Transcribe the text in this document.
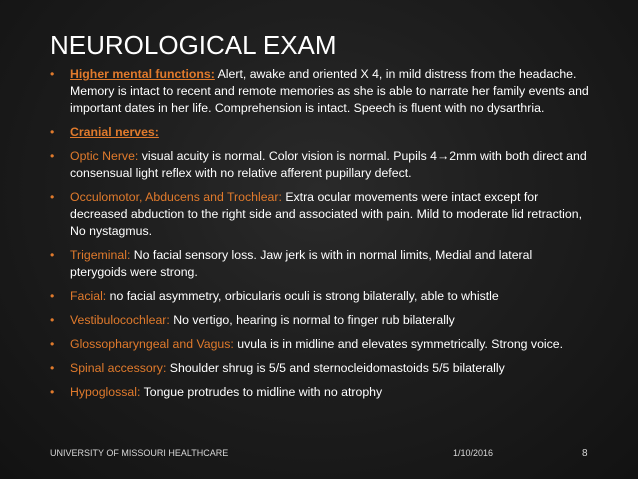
NEUROLOGICAL EXAM
• Higher mental functions: Alert, awake and oriented X 4, in mild distress from the headache. Memory is intact to recent and remote memories as she is able to narrate her family events and important dates in her life. Comprehension is intact. Speech is fluent with no dysarthria.
• Cranial nerves:
• Optic Nerve: visual acuity is normal. Color vision is normal. Pupils 4→2mm with both direct and consensual light reflex with no relative afferent pupillary defect.
• Occulomotor, Abducens and Trochlear: Extra ocular movements were intact except for decreased abduction to the right side and associated with pain. Mild to moderate lid retraction, No nystagmus.
• Trigeminal: No facial sensory loss. Jaw jerk is with in normal limits, Medial and lateral pterygoids were strong.
• Facial: no facial asymmetry, orbicularis oculi is strong bilaterally, able to whistle
• Vestibulocochlear: No vertigo, hearing is normal to finger rub bilaterally
• Glossopharyngeal and Vagus: uvula is in midline and elevates symmetrically. Strong voice.
• Spinal accessory: Shoulder shrug is 5/5 and sternocleidomastoids 5/5 bilaterally
• Hypoglossal: Tongue protrudes to midline with no atrophy
UNIVERSITY OF MISSOURI HEALTHCARE	1/10/2016	8
